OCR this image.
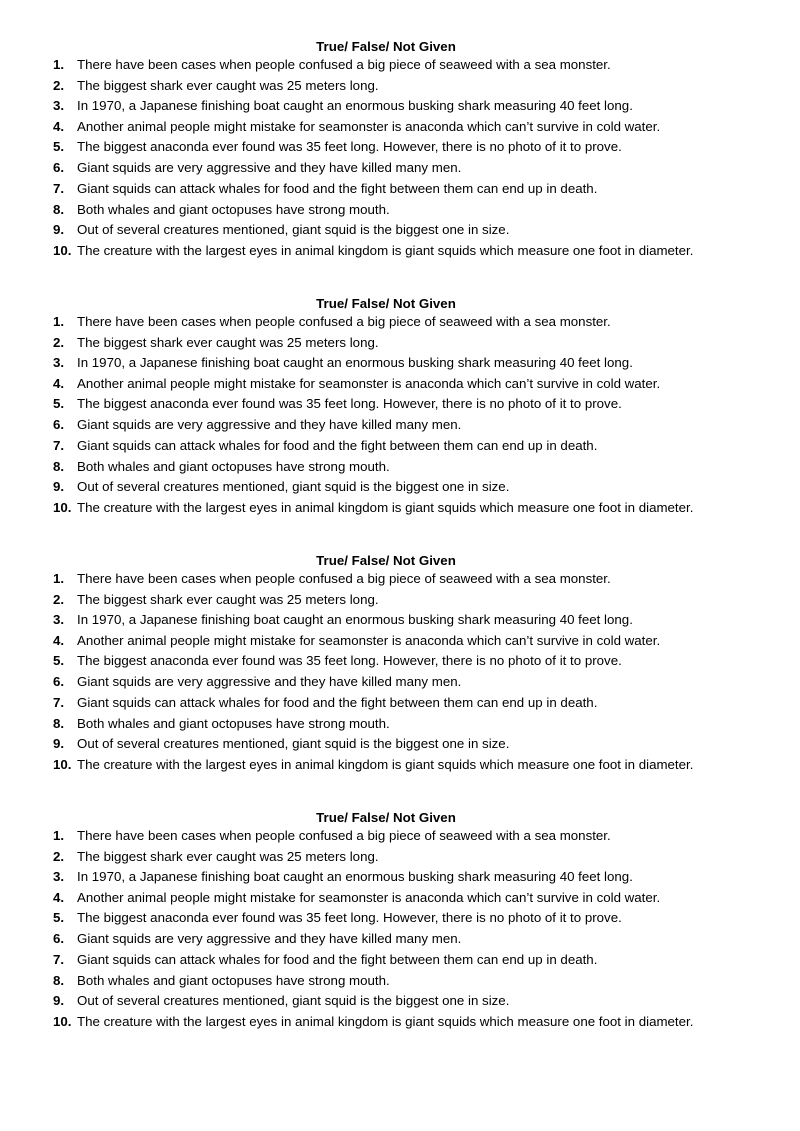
True/ False/ Not Given
1. There have been cases when people confused a big piece of seaweed with a sea monster.
2. The biggest shark ever caught was 25 meters long.
3. In 1970, a Japanese finishing boat caught an enormous busking shark measuring 40 feet long.
4. Another animal people might mistake for seamonster is anaconda which can’t survive in cold water.
5. The biggest anaconda ever found was 35 feet long. However, there is no photo of it to prove.
6. Giant squids are very aggressive and they have killed many men.
7. Giant squids can attack whales for food and the fight between them can end up in death.
8. Both whales and giant octopuses have strong mouth.
9. Out of several creatures mentioned, giant squid is the biggest one in size.
10. The creature with the largest eyes in animal kingdom is giant squids which measure one foot in diameter.
True/ False/ Not Given
1. There have been cases when people confused a big piece of seaweed with a sea monster.
2. The biggest shark ever caught was 25 meters long.
3. In 1970, a Japanese finishing boat caught an enormous busking shark measuring 40 feet long.
4. Another animal people might mistake for seamonster is anaconda which can’t survive in cold water.
5. The biggest anaconda ever found was 35 feet long. However, there is no photo of it to prove.
6. Giant squids are very aggressive and they have killed many men.
7. Giant squids can attack whales for food and the fight between them can end up in death.
8. Both whales and giant octopuses have strong mouth.
9. Out of several creatures mentioned, giant squid is the biggest one in size.
10. The creature with the largest eyes in animal kingdom is giant squids which measure one foot in diameter.
True/ False/ Not Given
1. There have been cases when people confused a big piece of seaweed with a sea monster.
2. The biggest shark ever caught was 25 meters long.
3. In 1970, a Japanese finishing boat caught an enormous busking shark measuring 40 feet long.
4. Another animal people might mistake for seamonster is anaconda which can’t survive in cold water.
5. The biggest anaconda ever found was 35 feet long. However, there is no photo of it to prove.
6. Giant squids are very aggressive and they have killed many men.
7. Giant squids can attack whales for food and the fight between them can end up in death.
8. Both whales and giant octopuses have strong mouth.
9. Out of several creatures mentioned, giant squid is the biggest one in size.
10. The creature with the largest eyes in animal kingdom is giant squids which measure one foot in diameter.
True/ False/ Not Given
1. There have been cases when people confused a big piece of seaweed with a sea monster.
2. The biggest shark ever caught was 25 meters long.
3. In 1970, a Japanese finishing boat caught an enormous busking shark measuring 40 feet long.
4. Another animal people might mistake for seamonster is anaconda which can’t survive in cold water.
5. The biggest anaconda ever found was 35 feet long. However, there is no photo of it to prove.
6. Giant squids are very aggressive and they have killed many men.
7. Giant squids can attack whales for food and the fight between them can end up in death.
8. Both whales and giant octopuses have strong mouth.
9. Out of several creatures mentioned, giant squid is the biggest one in size.
10. The creature with the largest eyes in animal kingdom is giant squids which measure one foot in diameter.
